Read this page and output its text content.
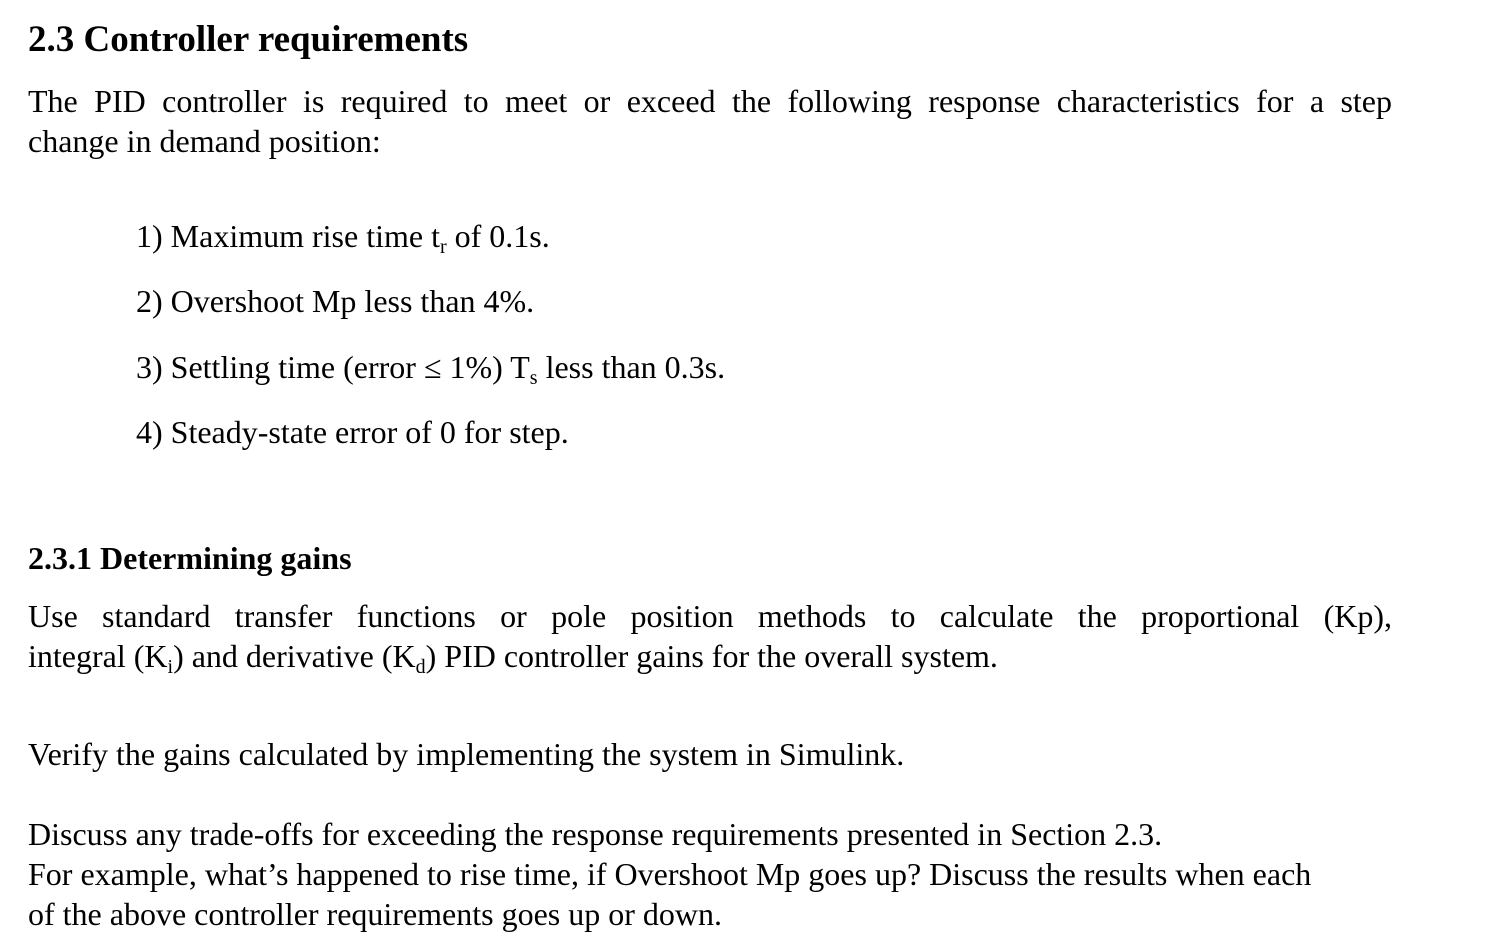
2.3 Controller requirements

The PID controller is required to meet or exceed the following response characteristics for a step
change in demand position:

1) Maximum rise time $t_r$ of 0.1s.
2) Overshoot Mp less than 4%.
3) Settling time (error ≤ 1%) $T_s$ less than 0.3s.
4) Steady-state error of 0 for step.
2.3.1 Determining gains

Use standard transfer functions or pole position methods to calculate the proportional (Kp),
integral $(K_i)$ and derivative $(K_d)$ PID controller gains for the overall system.

Verify the gains calculated by implementing the system in Simulink.

Discuss any trade-offs for exceeding the response requirements presented in Section 2.3.
For example, what’s happened to rise time, if Overshoot Mp goes up? Discuss the results when each
of the above controller requirements goes up or down.
